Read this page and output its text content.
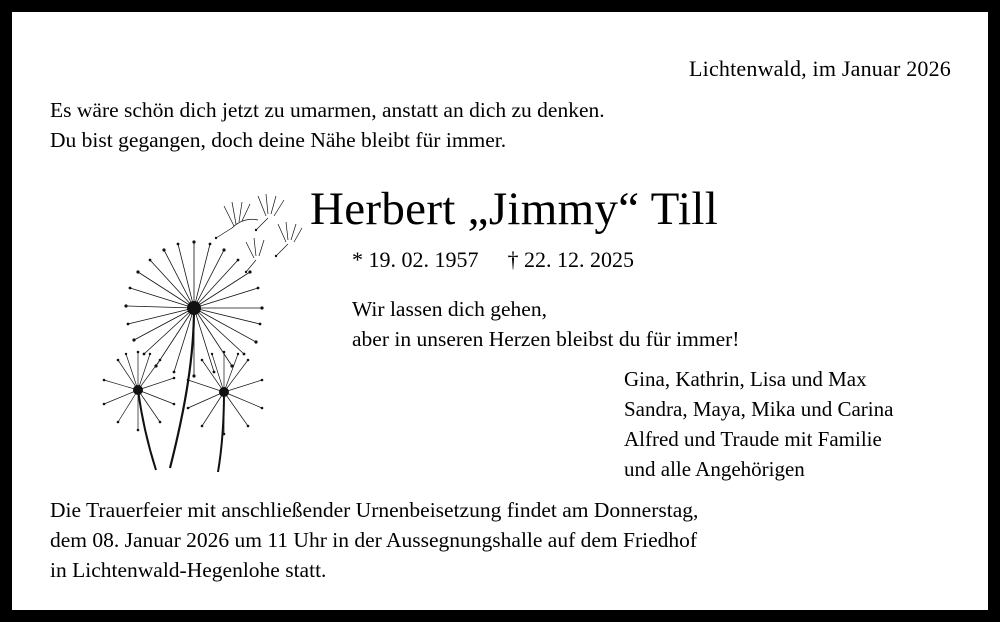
Lichtenwald, im Januar 2026
Es wäre schön dich jetzt zu umarmen, anstatt an dich zu denken.
Du bist gegangen, doch deine Nähe bleibt für immer.
Herbert „Jimmy“ Till
* 19. 02. 1957 † 22. 12. 2025
Wir lassen dich gehen,
aber in unseren Herzen bleibst du für immer!
Gina, Kathrin, Lisa und Max
Sandra, Maya, Mika und Carina
Alfred und Traude mit Familie
und alle Angehörigen
Die Trauerfeier mit anschließender Urnenbeisetzung findet am Donnerstag,
dem 08. Januar 2026 um 11 Uhr in der Aussegnungshalle auf dem Friedhof
in Lichtenwald-Hegenlohe statt.
